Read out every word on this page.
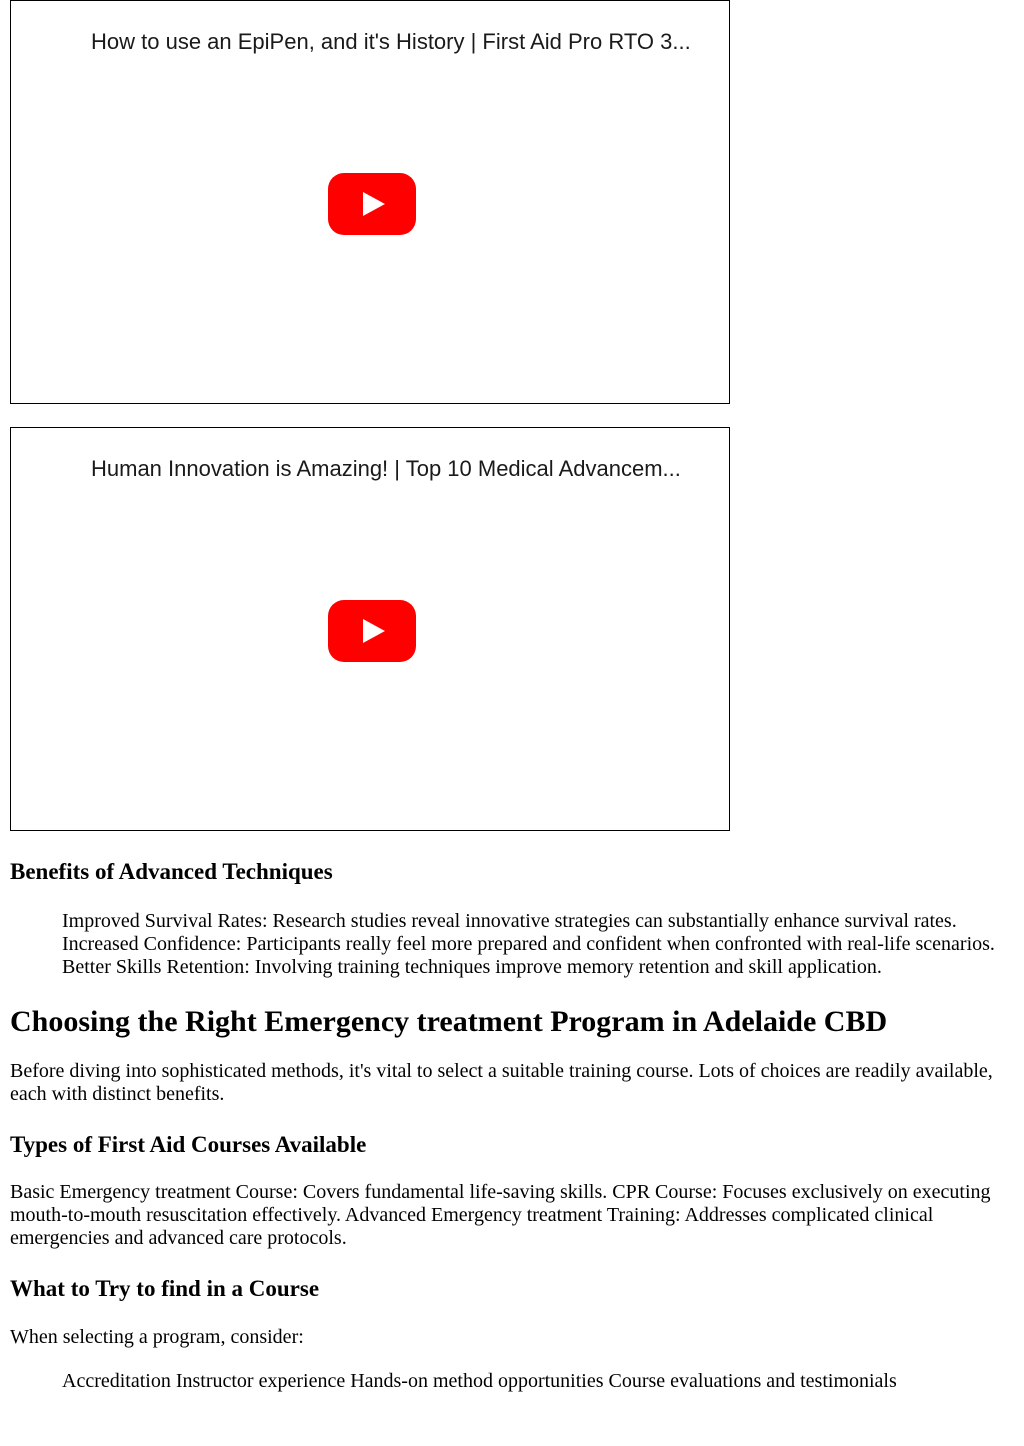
How to use an EpiPen, and it's History | First Aid Pro RTO 3...
Human Innovation is Amazing! | Top 10 Medical Advancem...
Benefits of Advanced Techniques
Improved Survival Rates: Research studies reveal innovative strategies can substantially enhance survival rates. Increased Confidence: Participants really feel more prepared and confident when confronted with real-life scenarios. Better Skills Retention: Involving training techniques improve memory retention and skill application.
Choosing the Right Emergency treatment Program in Adelaide CBD

Before diving into sophisticated methods, it's vital to select a suitable training course. Lots of choices are readily available, each with distinct benefits.

Types of First Aid Courses Available

Basic Emergency treatment Course: Covers fundamental life-saving skills. CPR Course: Focuses exclusively on executing mouth-to-mouth resuscitation effectively. Advanced Emergency treatment Training: Addresses complicated clinical emergencies and advanced care protocols.

What to Try to find in a Course

When selecting a program, consider:

Accreditation Instructor experience Hands-on method opportunities Course evaluations and testimonials
